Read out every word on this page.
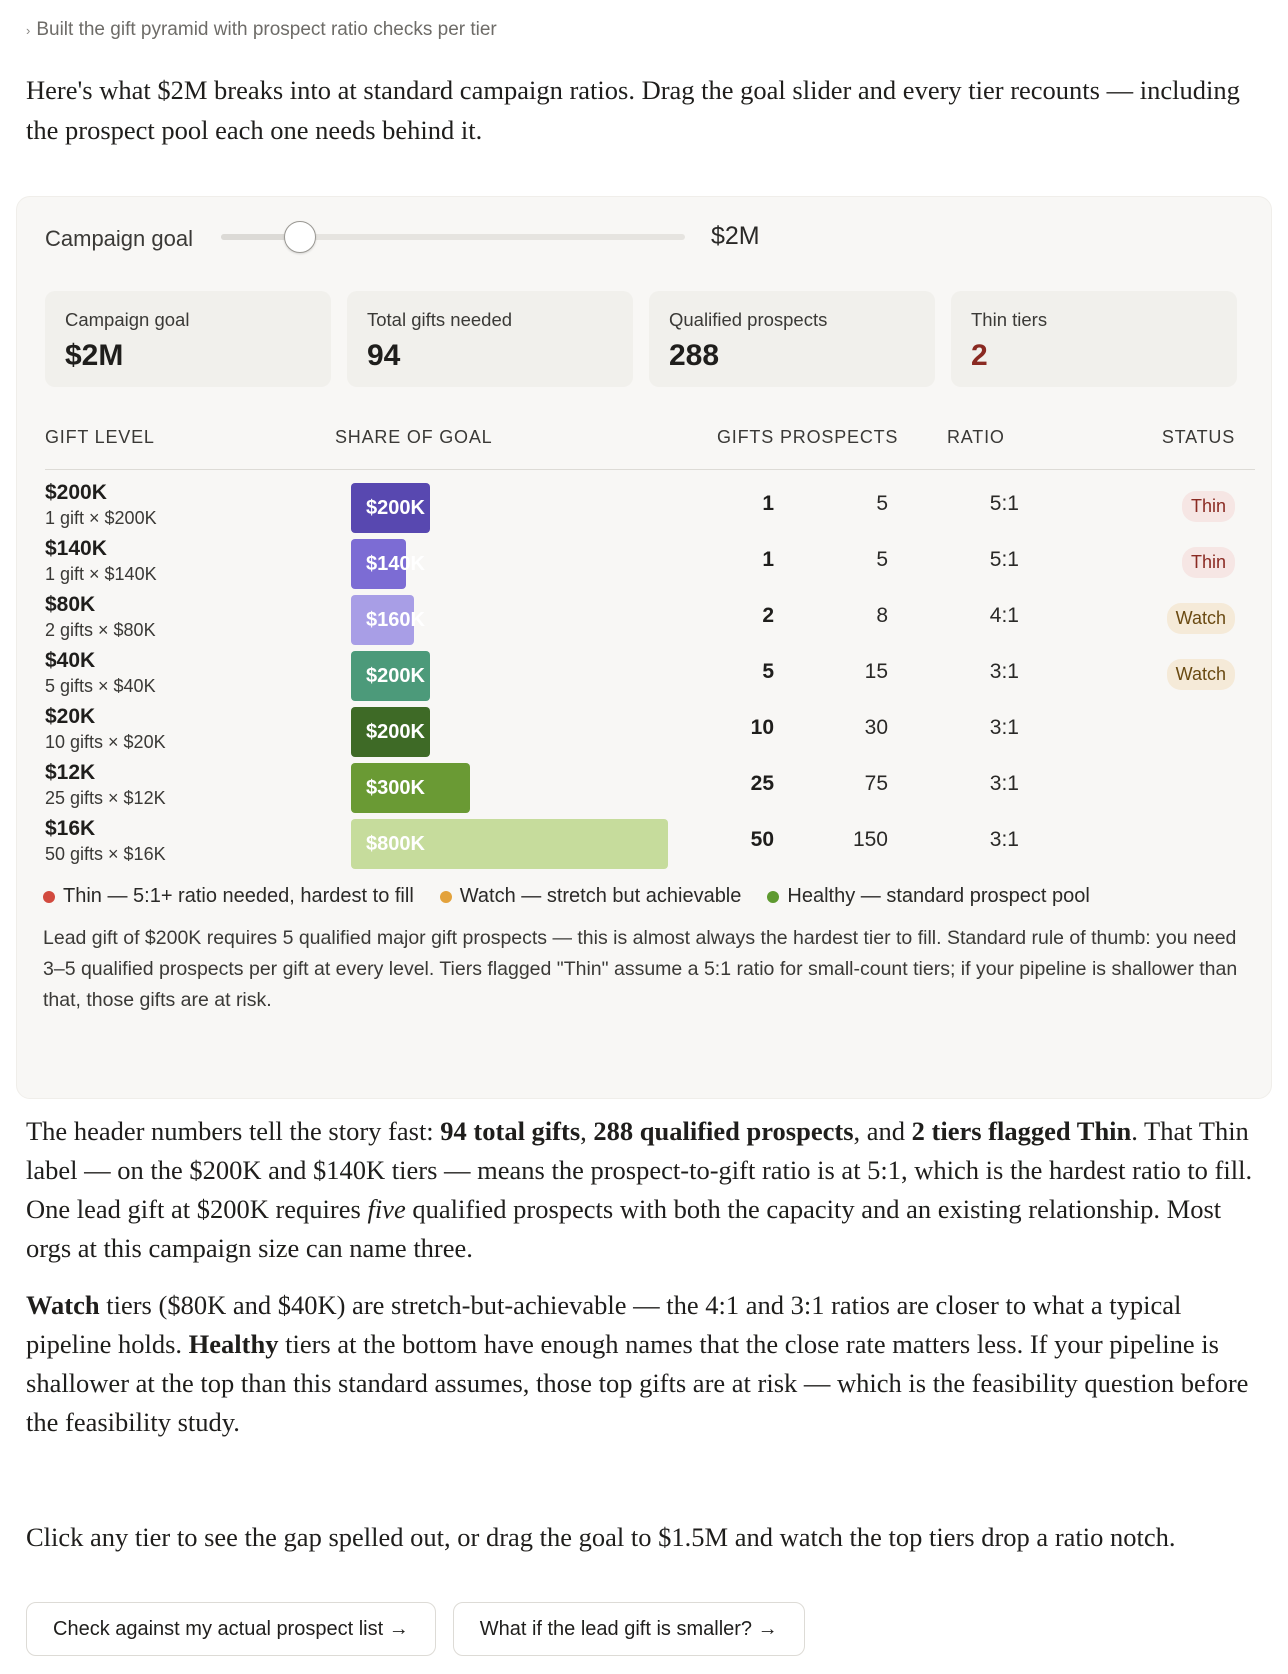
› Built the gift pyramid with prospect ratio checks per tier

Here's what $2M breaks into at standard campaign ratios. Drag the goal slider and every tier recounts — including the prospect pool each one needs behind it.

Campaign goal	$2M
Campaign goal
$2M
Total gifts needed
94
Qualified prospects
288
Thin tiers
2
GIFT LEVEL	SHARE OF GOAL	GIFTS PROSPECTS	RATIO	STATUS
$200K
1 gift × $200K	$200K	1	5	5:1	Thin
$140K
1 gift × $140K	$140K	1	5	5:1	Thin
$80K
2 gifts × $80K	$160K	2	8	4:1	Watch
$40K
5 gifts × $40K	$200K	5	15	3:1	Watch
$20K
10 gifts × $20K	$200K	10	30	3:1
$12K
25 gifts × $12K	$300K	25	75	3:1
$16K
50 gifts × $16K	$800K	50	150	3:1
Thin — 5:1+ ratio needed, hardest to fill Watch — stretch but achievable Healthy — standard prospect pool

Lead gift of $200K requires 5 qualified major gift prospects — this is almost always the hardest tier to fill. Standard rule of thumb: you need 3–5 qualified prospects per gift at every level. Tiers flagged "Thin" assume a 5:1 ratio for small-count tiers; if your pipeline is shallower than that, those gifts are at risk.

The header numbers tell the story fast: 94 total gifts, 288 qualified prospects, and 2 tiers flagged Thin. That Thin label — on the $200K and $140K tiers — means the prospect-to-gift ratio is at 5:1, which is the hardest ratio to fill. One lead gift at $200K requires five qualified prospects with both the capacity and an existing relationship. Most orgs at this campaign size can name three.

Watch tiers ($80K and $40K) are stretch-but-achievable — the 4:1 and 3:1 ratios are closer to what a typical pipeline holds. Healthy tiers at the bottom have enough names that the close rate matters less. If your pipeline is shallower at the top than this standard assumes, those top gifts are at risk — which is the feasibility question before the feasibility study.

Click any tier to see the gap spelled out, or drag the goal to $1.5M and watch the top tiers drop a ratio notch.

Check against my actual prospect list →	What if the lead gift is smaller? →
